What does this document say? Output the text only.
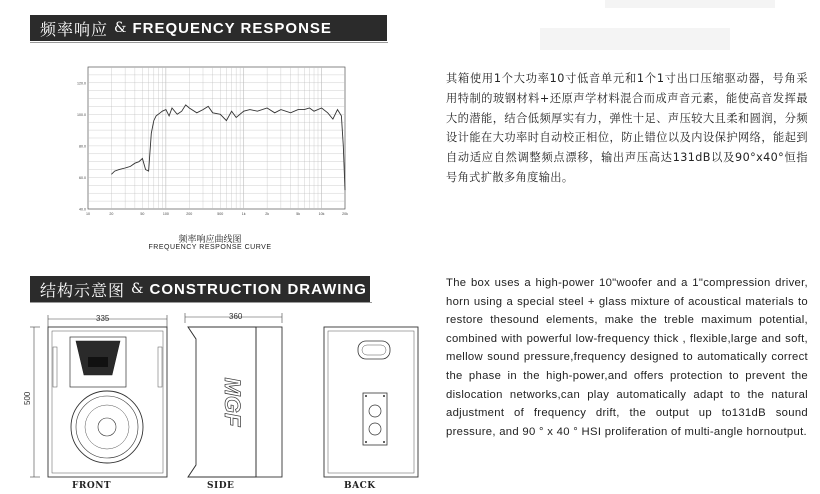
频率响应 & FREQUENCY RESPONSE
40.0
60.0
80.0
100.0
120.0
10	20	50	100	200	500	1k	2k	5k	10k	20k
频率响应曲线图
FREQUENCY RESPONSE CURVE
其箱使用1个大功率10寸低音单元和1个1寸出口压缩驱动器，号角采用特制的玻钢材料+还原声学材料混合而成声音元素，能使高音发挥最大的潜能，结合低频厚实有力，弹性十足、声压较大且柔和圆润，分频设计能在大功率时自动校正相位，防止错位以及内设保护网络，能起到自动适应自然调整频点漂移，输出声压高达131dB以及90°x40°恒指号角式扩散多角度输出。
结构示意图 & CONSTRUCTION DRAWING	The box uses a high-power 10"woofer and a 1"compression driver, horn using a special steel + glass mixture of acoustical materials to restore thesound elements, make the treble maximum potential, combined with powerful low-frequency thick , flexible,large and soft, mellow sound pressure,frequency designed to automatically correct the phase in the high-power,and offers protection to prevent the dislocation networks,can play automatically adapt to the natural adjustment of frequency drift, the output up to131dB sound pressure, and 90 ° x 40 ° HSI proliferation of multi-angle hornoutput.
335
500
360
MGF
FRONT	SIDE	BACK
